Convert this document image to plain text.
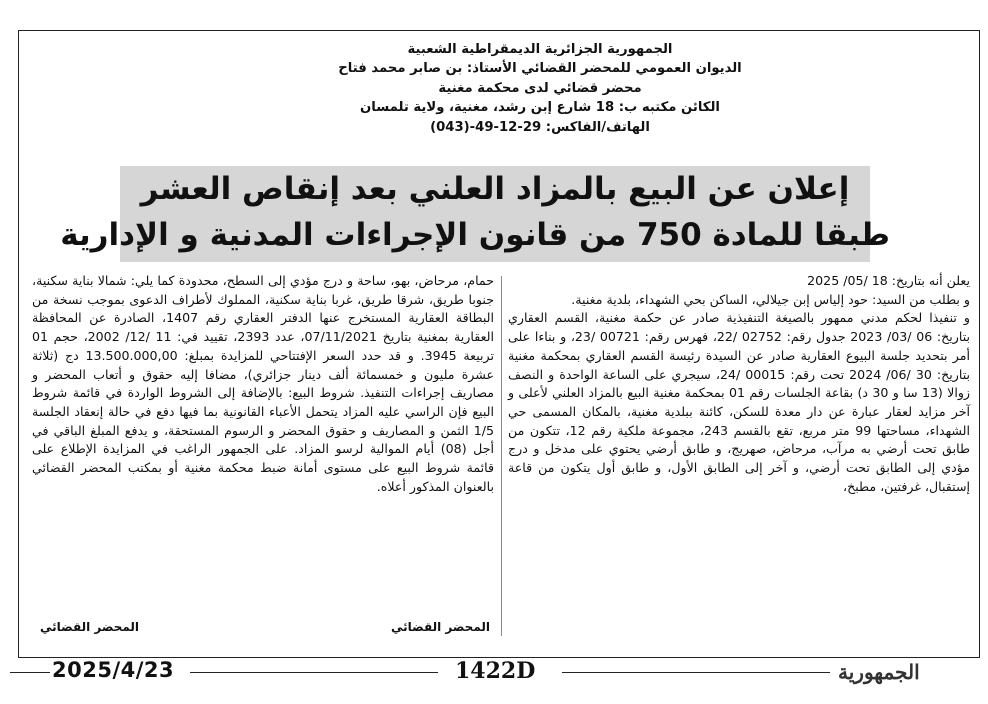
الجمهورية الجزائرية الديمقراطية الشعبية
الديوان العمومي للمحضر القضائي الأستاذ: بن صابر محمد فتاح
محضر قضائي لدى محكمة مغنية
الكائن مكتبه ب: 18 شارع إبن رشد، مغنية، ولاية تلمسان
الهاتف/الفاكس: 29-12-49-(043)
إعلان عن البيع بالمزاد العلني بعد إنقاص العشر
طبقا للمادة 750 من قانون الإجراءات المدنية و الإدارية

يعلن أنه بتاريخ: 18 /05/ 2025

و بطلب من السيد: حود إلياس إبن جيلالي، الساكن بحي الشهداء، بلدية مغنية.

و تنفيذا لحكم مدني ممهور بالصيغة التنفيذية صادر عن حكمة مغنية، القسم العقاري بتاريخ: 06 /03/ 2023 جدول رقم: 02752 /22، فهرس رقم: 00721 /23، و بناءا على أمر بتحديد جلسة البيوع العقارية صادر عن السيدة رئيسة القسم العقاري بمحكمة مغنية بتاريخ: 30 /06/ 2024 تحت رقم: 00015 /24، سيجري على الساعة الواحدة و النصف زوالا (13 سا و 30 د) بقاعة الجلسات رقم 01 بمحكمة مغنية البيع بالمزاد العلني لأعلى و آخر مزايد لعقار عبارة عن دار معدة للسكن، كائنة ببلدية مغنية، بالمكان المسمى حي الشهداء، مساحتها 99 متر مربع، تقع بالقسم 243، مجموعة ملكية رقم 12، تتكون من طابق تحت أرضي به مرآب، مرحاض، صهريج، و طابق أرضي يحتوي على مدخل و درج مؤدي إلى الطابق تحت أرضي، و آخر إلى الطابق الأول، و طابق أول يتكون من قاعة إستقبال، غرفتين، مطبخ،

حمام، مرحاض، بهو، ساحة و درج مؤدي إلى السطح، محدودة كما يلي: شمالا بناية سكنية، جنوبا طريق، شرقا طريق، غربا بناية سكنية، المملوك لأطراف الدعوى بموجب نسخة من البطاقة العقارية المستخرج عنها الدفتر العقاري رقم 1407، الصادرة عن المحافظة العقارية بمغنية بتاريخ 07/11/2021، عدد 2393، تقييد في: 11 /12/ 2002، حجم 01 تربيعة 3945. و قد حدد السعر الإفتتاحي للمزايدة بمبلغ: 13.500.000,00 دج (ثلاثة عشرة مليون و خمسمائة ألف دينار جزائري)، مضافا إليه حقوق و أتعاب المحضر و مصاريف إجراءات التنفيذ. شروط البيع: بالإضافة إلى الشروط الواردة في قائمة شروط البيع فإن الراسي عليه المزاد يتحمل الأعباء القانونية بما فيها دفع في حالة إنعقاد الجلسة 1/5 الثمن و المصاريف و حقوق المحضر و الرسوم المستحقة، و يدفع المبلغ الباقي في أجل (08) أيام الموالية لرسو المزاد. على الجمهور الراغب في المزايدة الإطلاع على قائمة شروط البيع على مستوى أمانة ضبط محكمة مغنية أو بمكتب المحضر القضائي بالعنوان المذكور أعلاه.

المحضر القضائي
المحضر القضائي
2025/4/23	1422D	الجمهورية
